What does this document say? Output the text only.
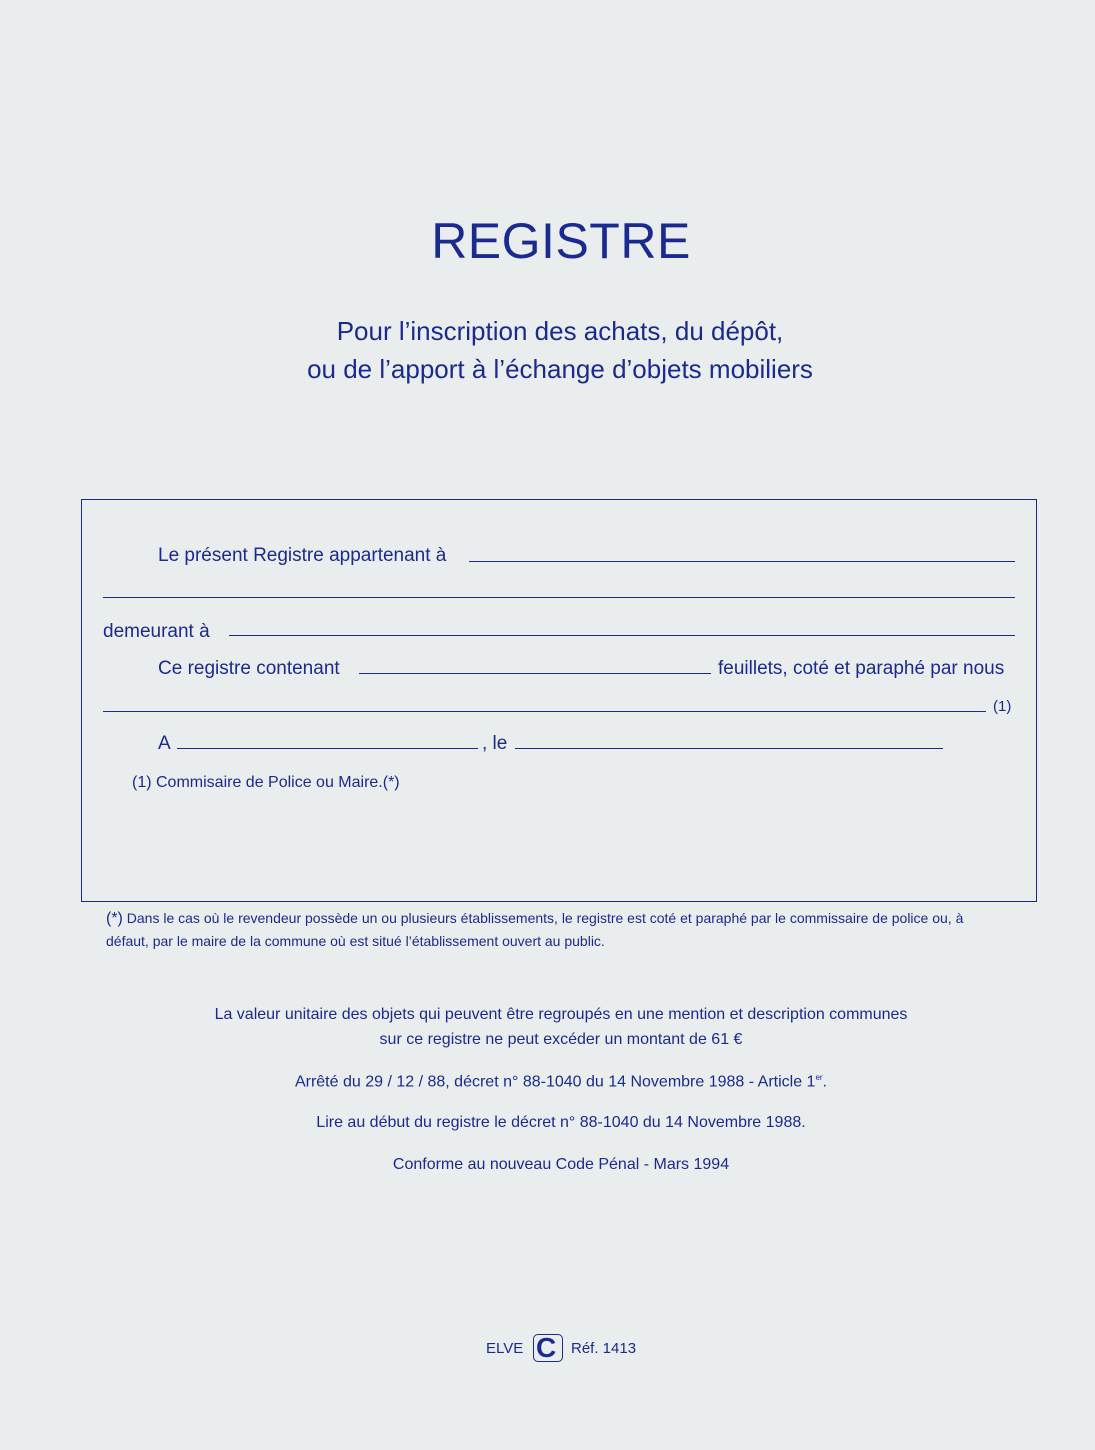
REGISTRE
Pour l’inscription des achats, du dépôt,
ou de l’apport à l’échange d’objets mobiliers
Le présent Registre appartenant à
demeurant à
Ce registre contenant	feuillets, coté et paraphé par nous
(1)
A	, le
(1) Commisaire de Police ou Maire.(*)
(*) Dans le cas où le revendeur possède un ou plusieurs établissements, le registre est coté et paraphé par le commissaire de police ou, à
défaut, par le maire de la commune où est situé l’établissement ouvert au public.
La valeur unitaire des objets qui peuvent être regroupés en une mention et description communes
sur ce registre ne peut excéder un montant de 61 €
Arrêté du 29 / 12 / 88, décret n° 88-1040 du 14 Novembre 1988 - Article 1er.
Lire au début du registre le décret n° 88-1040 du 14 Novembre 1988.
Conforme au nouveau Code Pénal - Mars 1994
ELVE C Réf. 1413
